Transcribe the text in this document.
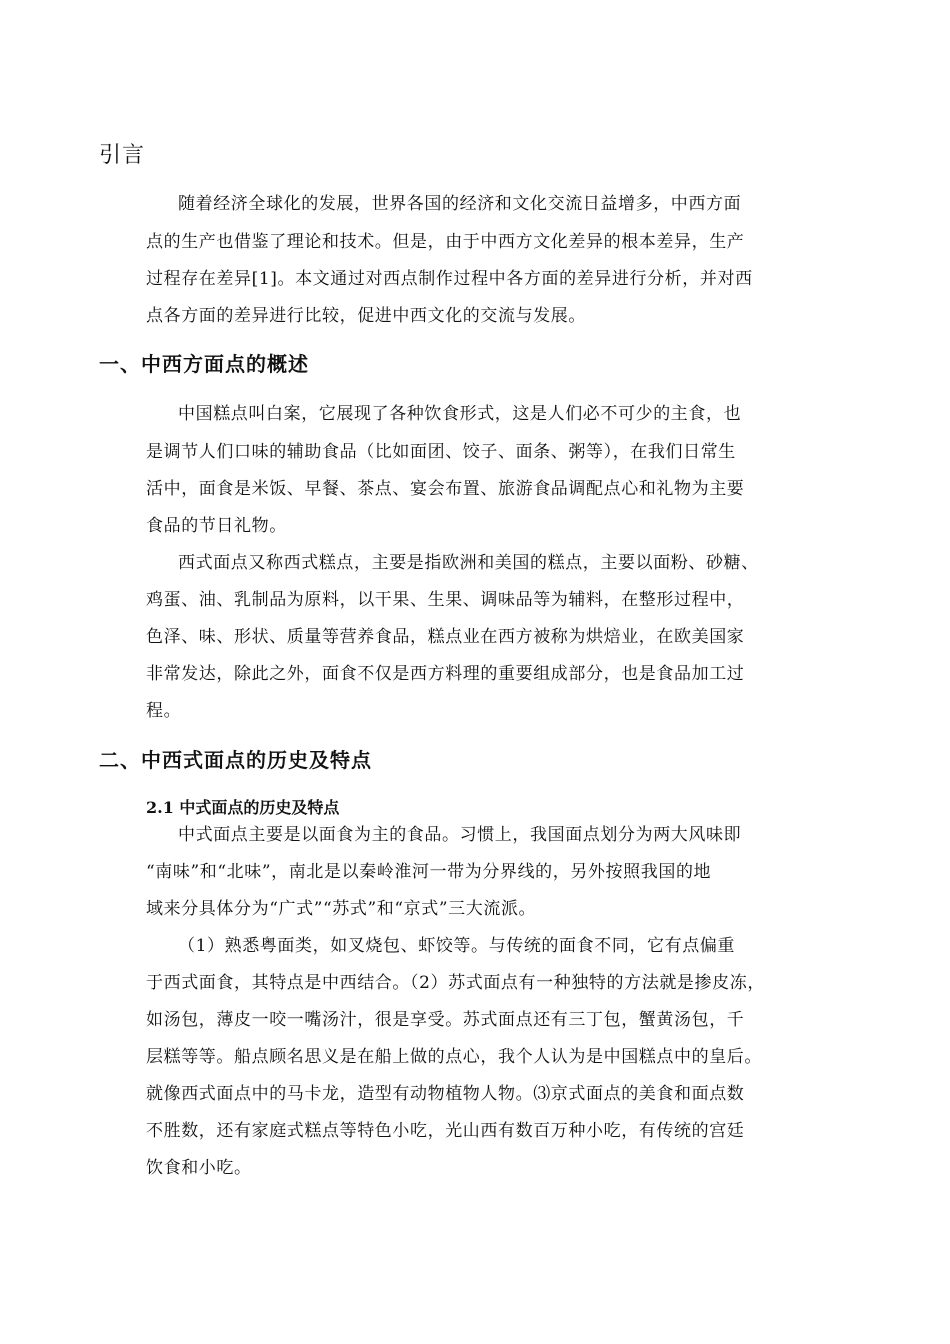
引言
随着经济全球化的发展，世界各国的经济和文化交流日益增多，中西方面
点的生产也借鉴了理论和技术。但是，由于中西方文化差异的根本差异，生产
过程存在差异[1]。本文通过对西点制作过程中各方面的差异进行分析，并对西
点各方面的差异进行比较，促进中西文化的交流与发展。
一、中西方面点的概述
中国糕点叫白案，它展现了各种饮食形式，这是人们必不可少的主食，也
是调节人们口味的辅助食品（比如面团、饺子、面条、粥等），在我们日常生
活中，面食是米饭、早餐、茶点、宴会布置、旅游食品调配点心和礼物为主要
食品的节日礼物。
西式面点又称西式糕点，主要是指欧洲和美国的糕点，主要以面粉、砂糖、
鸡蛋、油、乳制品为原料，以干果、生果、调味品等为辅料，在整形过程中，
色泽、味、形状、质量等营养食品，糕点业在西方被称为烘焙业，在欧美国家
非常发达，除此之外，面食不仅是西方料理的重要组成部分，也是食品加工过
程。
二、中西式面点的历史及特点
2.1 中式面点的历史及特点
中式面点主要是以面食为主的食品。习惯上，我国面点划分为两大风味即
“南味”和“北味”，南北是以秦岭淮河一带为分界线的，另外按照我国的地
域来分具体分为“广式”“苏式”和“京式”三大流派。
（1）熟悉粤面类，如叉烧包、虾饺等。与传统的面食不同，它有点偏重
于西式面食，其特点是中西结合。（2）苏式面点有一种独特的方法就是掺皮冻，
如汤包，薄皮一咬一嘴汤汁，很是享受。苏式面点还有三丁包，蟹黄汤包，千
层糕等等。船点顾名思义是在船上做的点心，我个人认为是中国糕点中的皇后。
就像西式面点中的马卡龙，造型有动物植物人物。⑶京式面点的美食和面点数
不胜数，还有家庭式糕点等特色小吃，光山西有数百万种小吃，有传统的宫廷
饮食和小吃。
